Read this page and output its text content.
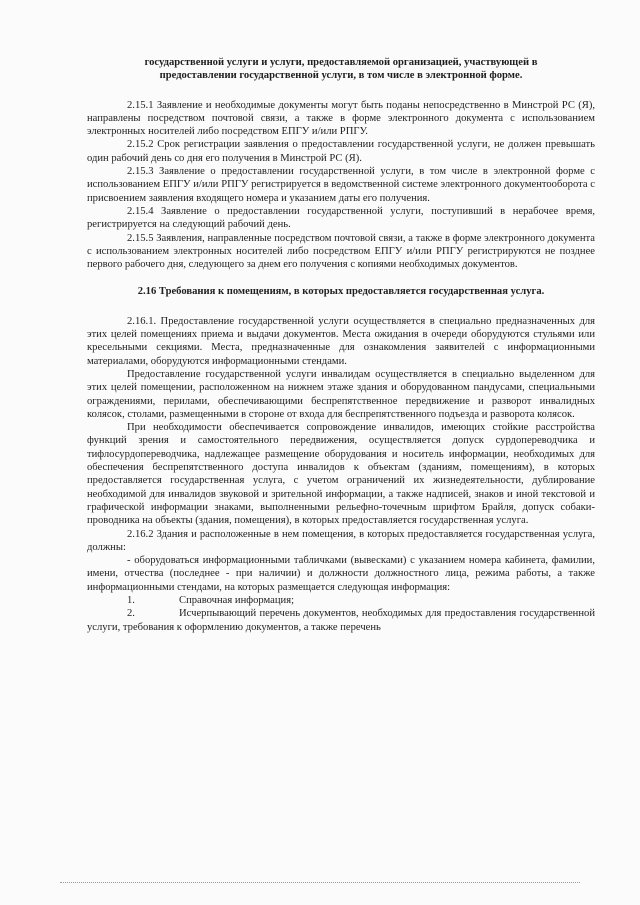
государственной услуги и услуги, предоставляемой организацией, участвующей в предоставлении государственной услуги, в том числе в электронной форме.

2.15.1 Заявление и необходимые документы могут быть поданы непосредственно в Минстрой РС (Я), направлены посредством почтовой связи, а также в форме электронного документа с использованием электронных носителей либо посредством ЕПГУ и/или РПГУ.

2.15.2 Срок регистрации заявления о предоставлении государственной услуги, не должен превышать один рабочий день со дня его получения в Минстрой РС (Я).

2.15.3 Заявление о предоставлении государственной услуги, в том числе в электронной форме с использованием ЕПГУ и/или РПГУ регистрируется в ведомственной системе электронного документооборота с присвоением заявления входящего номера и указанием даты его получения.

2.15.4 Заявление о предоставлении государственной услуги, поступивший в нерабочее время, регистрируется на следующий рабочий день.

2.15.5 Заявления, направленные посредством почтовой связи, а также в форме электронного документа с использованием электронных носителей либо посредством ЕПГУ и/или РПГУ регистрируются не позднее первого рабочего дня, следующего за днем его получения с копиями необходимых документов.

2.16 Требования к помещениям, в которых предоставляется государственная услуга.

2.16.1. Предоставление государственной услуги осуществляется в специально предназначенных для этих целей помещениях приема и выдачи документов. Места ожидания в очереди оборудуются стульями или кресельными секциями. Места, предназначенные для ознакомления заявителей с информационными материалами, оборудуются информационными стендами.

Предоставление государственной услуги инвалидам осуществляется в специально выделенном для этих целей помещении, расположенном на нижнем этаже здания и оборудованном пандусами, специальными ограждениями, перилами, обеспечивающими беспрепятственное передвижение и разворот инвалидных колясок, столами, размещенными в стороне от входа для беспрепятственного подъезда и разворота колясок.

При необходимости обеспечивается сопровождение инвалидов, имеющих стойкие расстройства функций зрения и самостоятельного передвижения, осуществляется допуск сурдопереводчика и тифлосурдопереводчика, надлежащее размещение оборудования и носитель информации, необходимых для обеспечения беспрепятственного доступа инвалидов к объектам (зданиям, помещениям), в которых предоставляется государственная услуга, с учетом ограничений их жизнедеятельности, дублирование необходимой для инвалидов звуковой и зрительной информации, а также надписей, знаков и иной текстовой и графической информации знаками, выполненными рельефно-точечным шрифтом Брайля, допуск собаки-проводника на объекты (здания, помещения), в которых предоставляется государственная услуга.

2.16.2 Здания и расположенные в нем помещения, в которых предоставляется государственная услуга, должны:

- оборудоваться информационными табличками (вывесками) с указанием номера кабинета, фамилии, имени, отчества (последнее - при наличии) и должности должностного лица, режима работы, а также информационными стендами, на которых размещается следующая информация:

1.	Справочная информация;

2.	Исчерпывающий перечень документов, необходимых для предоставления государственной услуги, требования к оформлению документов, а также перечень
